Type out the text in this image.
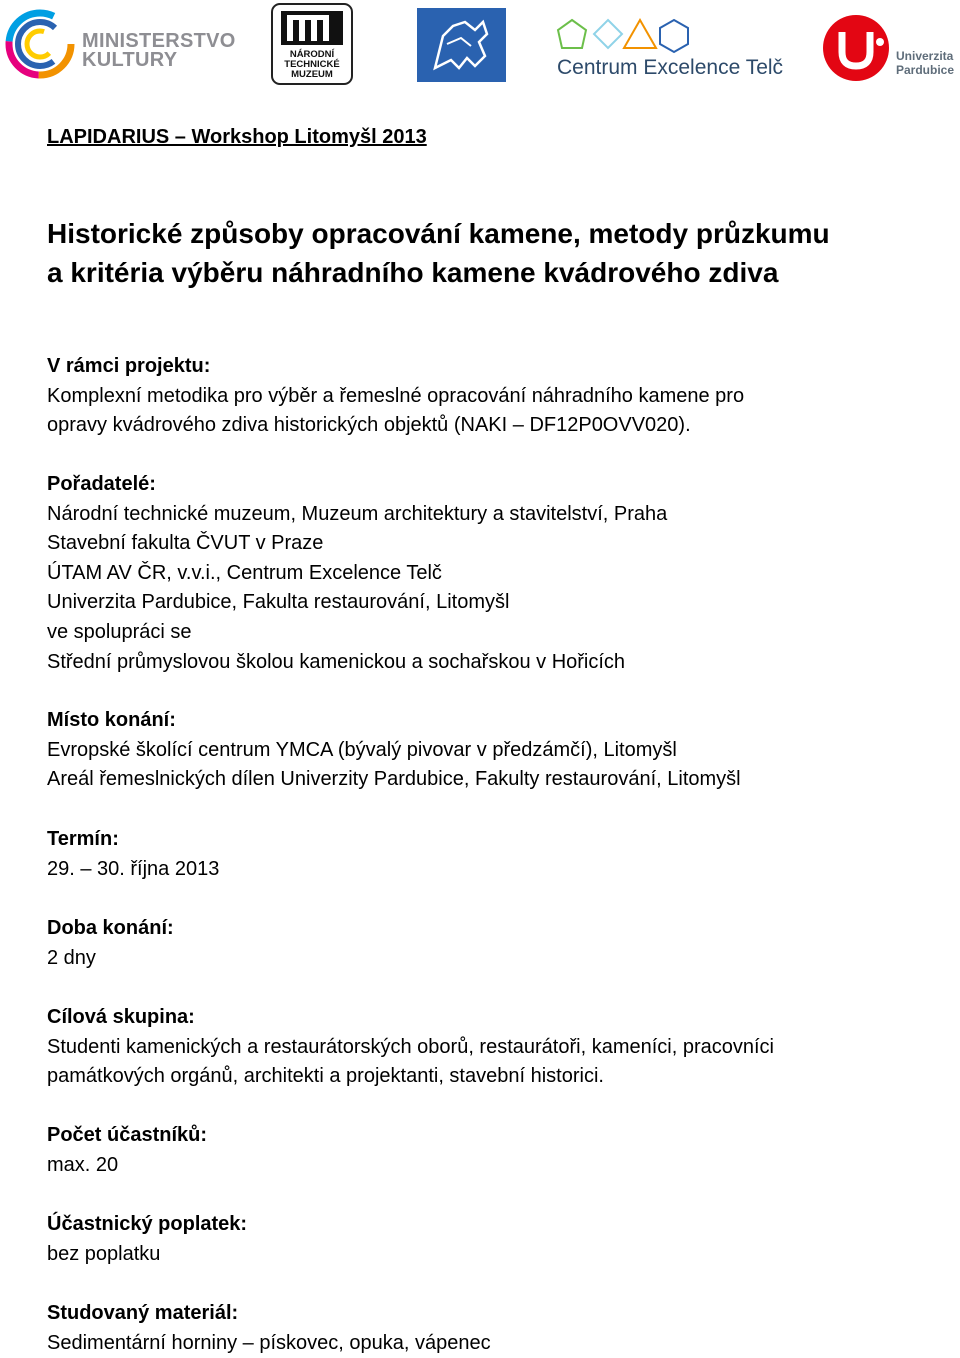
MINISTERSTVO
KULTURY	NÁRODNÍ
TECHNICKÉ
MUZEUM	Centrum Excelence Telč	Univerzita
Pardubice
LAPIDARIUS – Workshop Litomyšl 2013
Historické způsoby opracování kamene, metody průzkumu
a kritéria výběru náhradního kamene kvádrového zdiva
V rámci projektu:
Komplexní metodika pro výběr a řemeslné opracování náhradního kamene pro
opravy kvádrového zdiva historických objektů (NAKI – DF12P0OVV020).
Pořadatelé:
Národní technické muzeum, Muzeum architektury a stavitelství, Praha
Stavební fakulta ČVUT v Praze
ÚTAM AV ČR, v.v.i., Centrum Excelence Telč
Univerzita Pardubice, Fakulta restaurování, Litomyšl
ve spolupráci se
Střední průmyslovou školou kamenickou a sochařskou v Hořicích
Místo konání:
Evropské školící centrum YMCA (bývalý pivovar v předzámčí), Litomyšl
Areál řemeslnických dílen Univerzity Pardubice, Fakulty restaurování, Litomyšl
Termín:
29. – 30. října 2013
Doba konání:
2 dny
Cílová skupina:
Studenti kamenických a restaurátorských oborů, restaurátoři, kameníci, pracovníci
památkových orgánů, architekti a projektanti, stavební historici.
Počet účastníků:
max. 20
Účastnický poplatek:
bez poplatku
Studovaný materiál:
Sedimentární horniny – pískovec, opuka, vápenec
